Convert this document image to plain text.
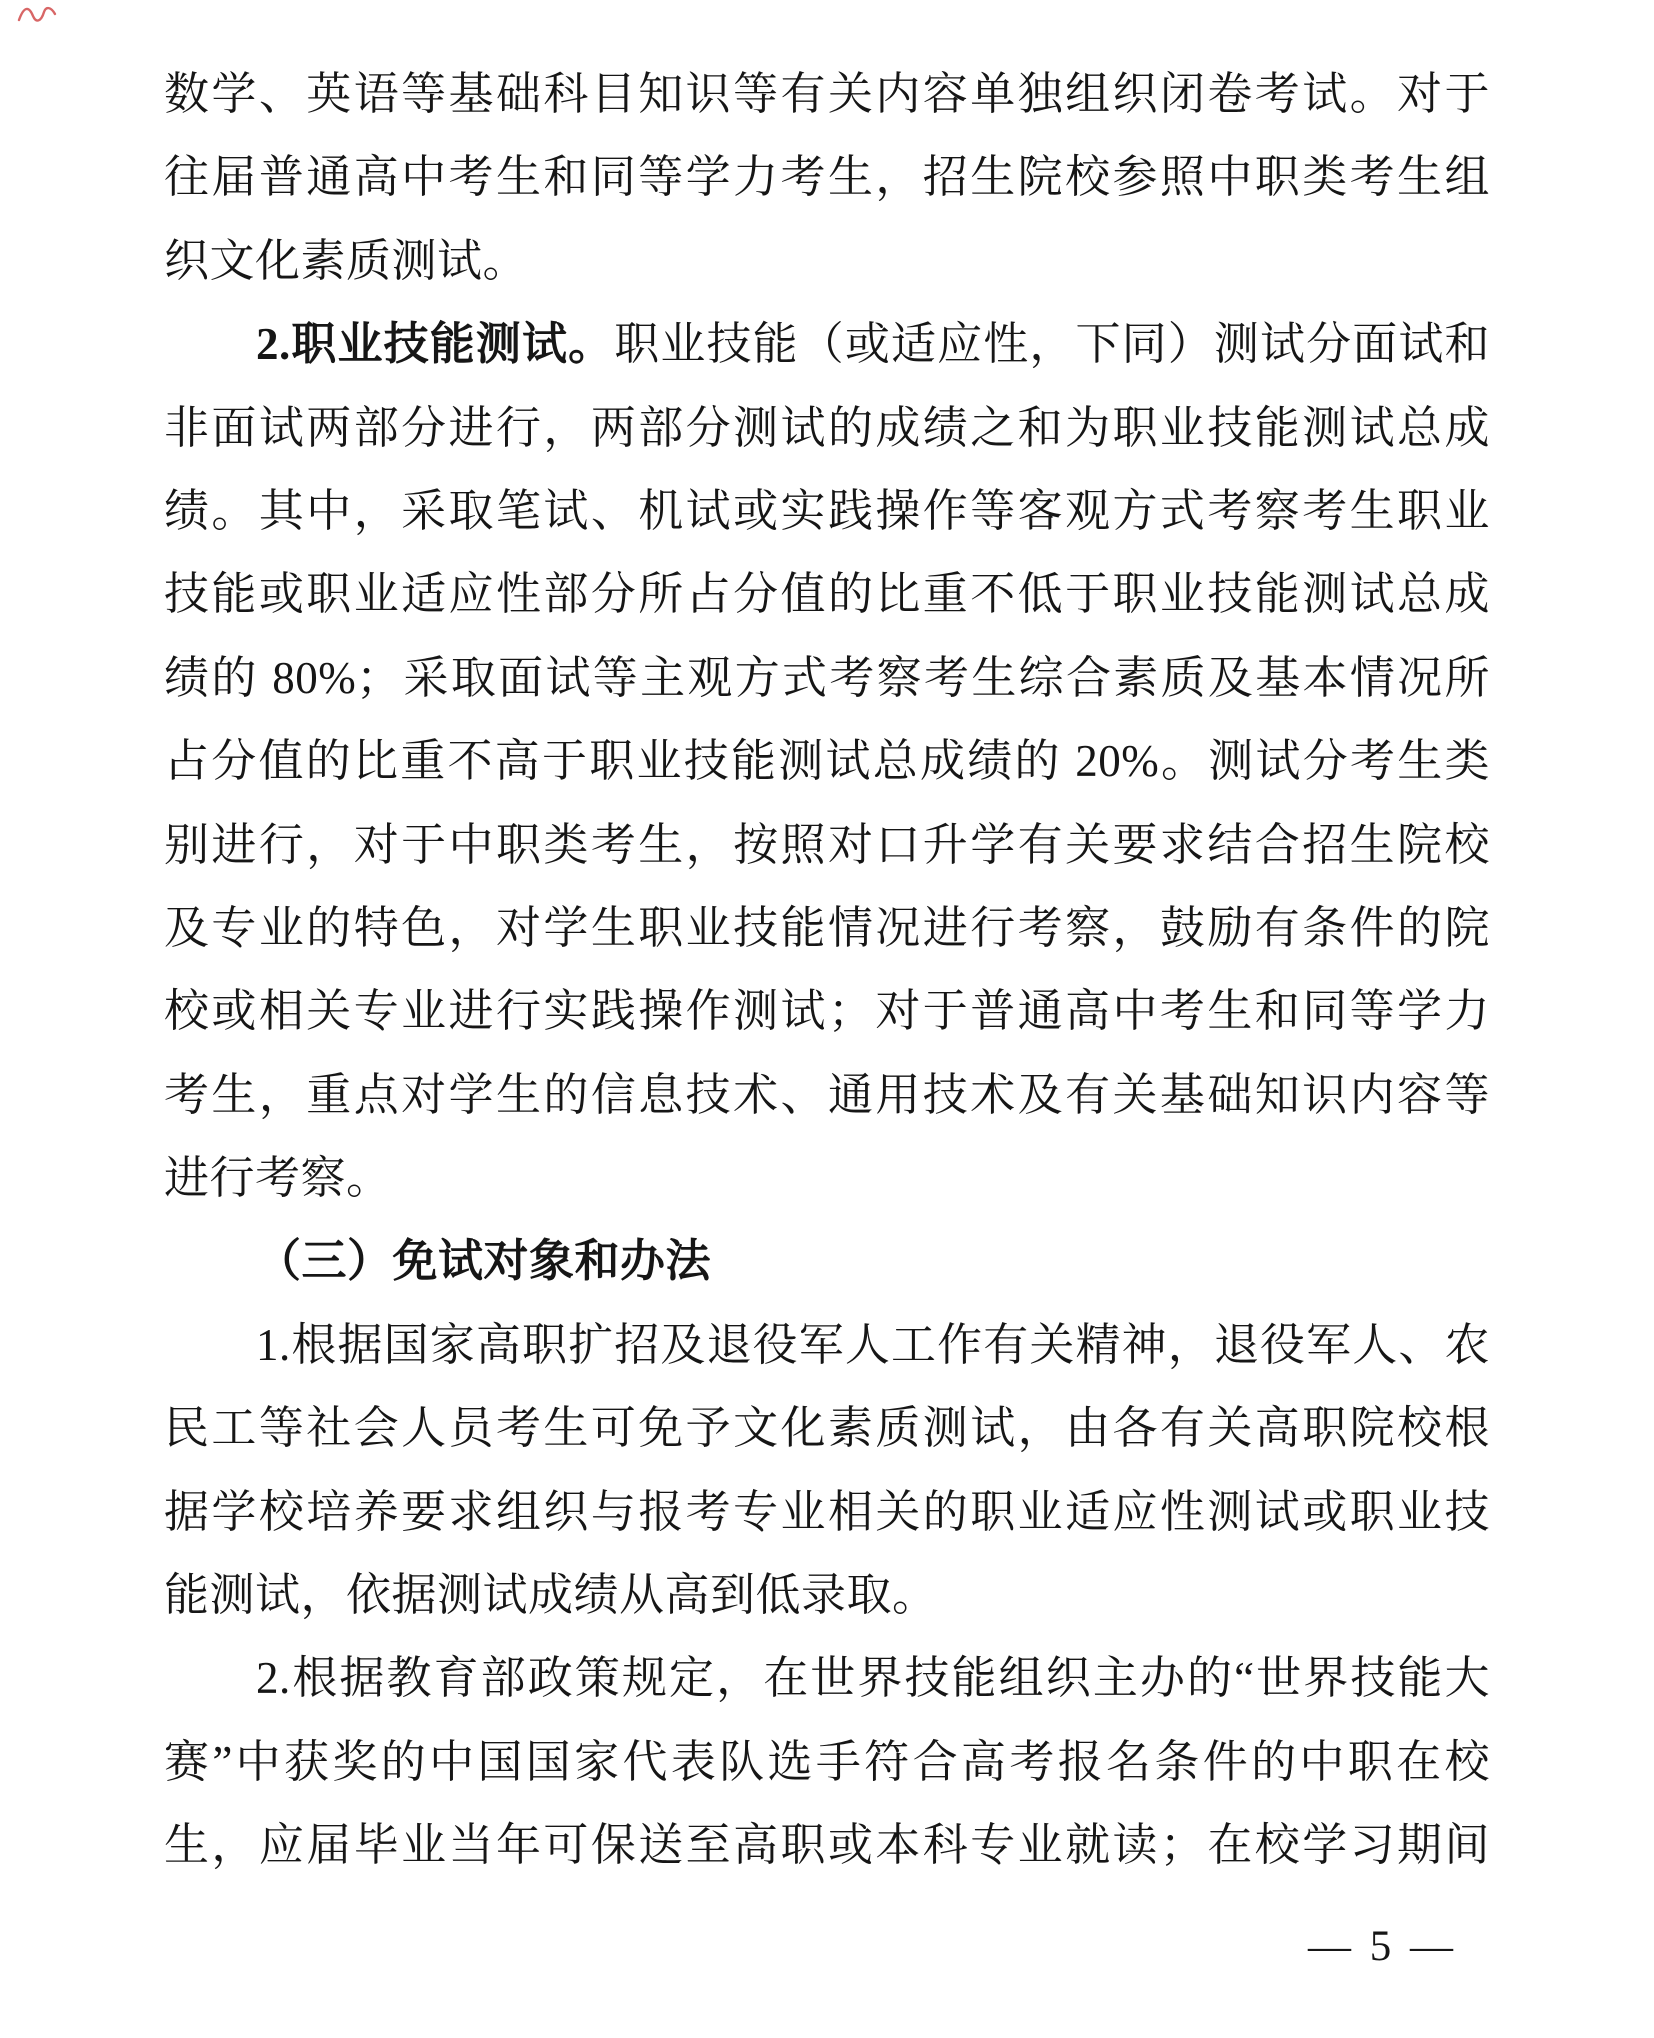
数学、英语等基础科目知识等有关内容单独组织闭卷考试。对于
往届普通高中考生和同等学力考生，招生院校参照中职类考生组
织文化素质测试。
2.职业技能测试。职业技能（或适应性，下同）测试分面试和
非面试两部分进行，两部分测试的成绩之和为职业技能测试总成
绩。其中，采取笔试、机试或实践操作等客观方式考察考生职业
技能或职业适应性部分所占分值的比重不低于职业技能测试总成
绩的 80%；采取面试等主观方式考察考生综合素质及基本情况所
占分值的比重不高于职业技能测试总成绩的 20%。测试分考生类
别进行，对于中职类考生，按照对口升学有关要求结合招生院校
及专业的特色，对学生职业技能情况进行考察，鼓励有条件的院
校或相关专业进行实践操作测试；对于普通高中考生和同等学力
考生，重点对学生的信息技术、通用技术及有关基础知识内容等
进行考察。
（三）免试对象和办法
1.根据国家高职扩招及退役军人工作有关精神，退役军人、农
民工等社会人员考生可免予文化素质测试，由各有关高职院校根
据学校培养要求组织与报考专业相关的职业适应性测试或职业技
能测试，依据测试成绩从高到低录取。
2.根据教育部政策规定，在世界技能组织主办的“世界技能大
赛”中获奖的中国国家代表队选手符合高考报名条件的中职在校
生，应届毕业当年可保送至高职或本科专业就读；在校学习期间
— 5 —
